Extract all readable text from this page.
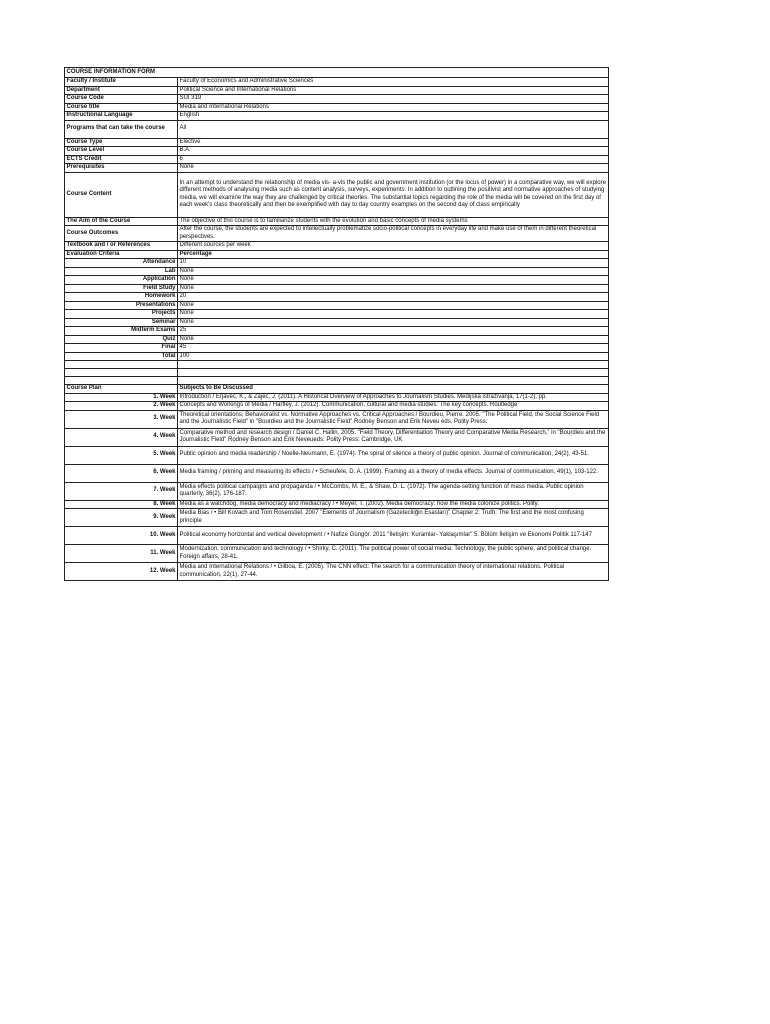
COURSE INFORMATION FORM	
Faculty / Institute	Faculty of Economics and Administrative Sciences
Department	Political Science and International Relations
Course Code	SUI 319
Course title	Media and International Relations
Instructional Language	English
Programs that can take the course	All
Course Type	Elective
Course Level	B.A.
ECTS Credit	6
Prerequisites	None
Course Content	In an attempt to understand the relationship of media vis- a-vis the public and government institution (or the locus of power) in a comparative way, we will explore different methods of analysing media such as content analysis, surveys, experiments. In addition to outlining the positivist and normative approaches of studying media, we will examine the way they are challenged by critical theories. The substantial topics regarding the role of the media will be covered on the first day of each week's class theoretically and then be exemplified with day to day country examples on the second day of class empirically
The Aim of the Course	The objective of this course is to familiarize students with the evolution and basic concepts of media systems
Course Outcomes	After the course, the students are expected to intellectually problematize socio-political concepts in everyday life and make use of them in different theoretical perspectives.
Textbook and / or References	Different sources per week
Evaluation Criteria	Percentage
Attendance	10
Lab	None
Application	None
Field Study	None
Homework	20
Presentations	None
Projects	None
Seminar	None
Midterm Exams	25
Quiz	None
Final	45
Total	100

Course Plan	Subjects to Be Discussed
1. Week	Introduction / Erjavec, K., & Zajec, J. (2011). A Historical Overview of Approaches to Journalism Studies. Medijska istraživanja, 17(1-2), pp.
2. Week	Concepts and Workings of Media / Hartley, J. (2012). Communication, cultural and media studies: The key concepts. Routledge
3. Week	Theoretical orientations: Behavioralist vs. Normative Approaches vs. Critical Approaches / Bourdieu, Pierre. 2005. "The Political Field, the Social Science Field and the Journalistic Field" in "Bourdieu and the Journalistic Field" Rodney Benson and Erik Neveu eds. Polity Press:
4. Week	Comparative method and research design / Daniel C. Hallin. 2005. "Field Theory, Differentiation Theory and Comparative Media Research," in "Bourdieu and the Journalistic Field" Rodney Benson and Erik Neveueds. Polity Press: Cambridge, UK
5. Week	Public opinion and media readership / Noelle-Neumann, E. (1974). The spiral of silence a theory of public opinion. Journal of communication, 24(2), 43-51.
6. Week	Media framing / priming and measuring its effects / • Scheufele, D. A. (1999). Framing as a theory of media effects. Journal of communication, 49(1), 103-122.
7. Week	Media effects political campaigns and propaganda / • McCombs, M. E., & Shaw, D. L. (1972). The agenda-setting function of mass media. Public opinion quarterly, 36(2), 176-187.
8. Week	Media as a watchdog, media democracy and mediacracy / • Meyer, T. (2002). Media democracy: how the media colonize politics. Polity.
9. Week	Media Bias / • Bill Kovach and Tom Rosenstiel. 2007 "Elements of Journalism (Gazeteciliğin Esasları)" Chapter 2: Truth: The first and the most confusing principle
10. Week	Political economy horizontal and vertical development / • Nafize Güngör. 2011 "İletişim: Kuramlar- Yaklaşımlar" 5. Bölüm İletişim ve Ekonomi Politik 117-147
11. Week	Modernization, communication and technology / • Shirky, C. (2011). The political power of social media: Technology, the public sphere, and political change. Foreign affairs, 28-41.
12. Week	Media and International Relations / • Gilboa, E. (2005). The CNN effect: The search for a communication theory of international relations. Political communication, 22(1), 27-44.
